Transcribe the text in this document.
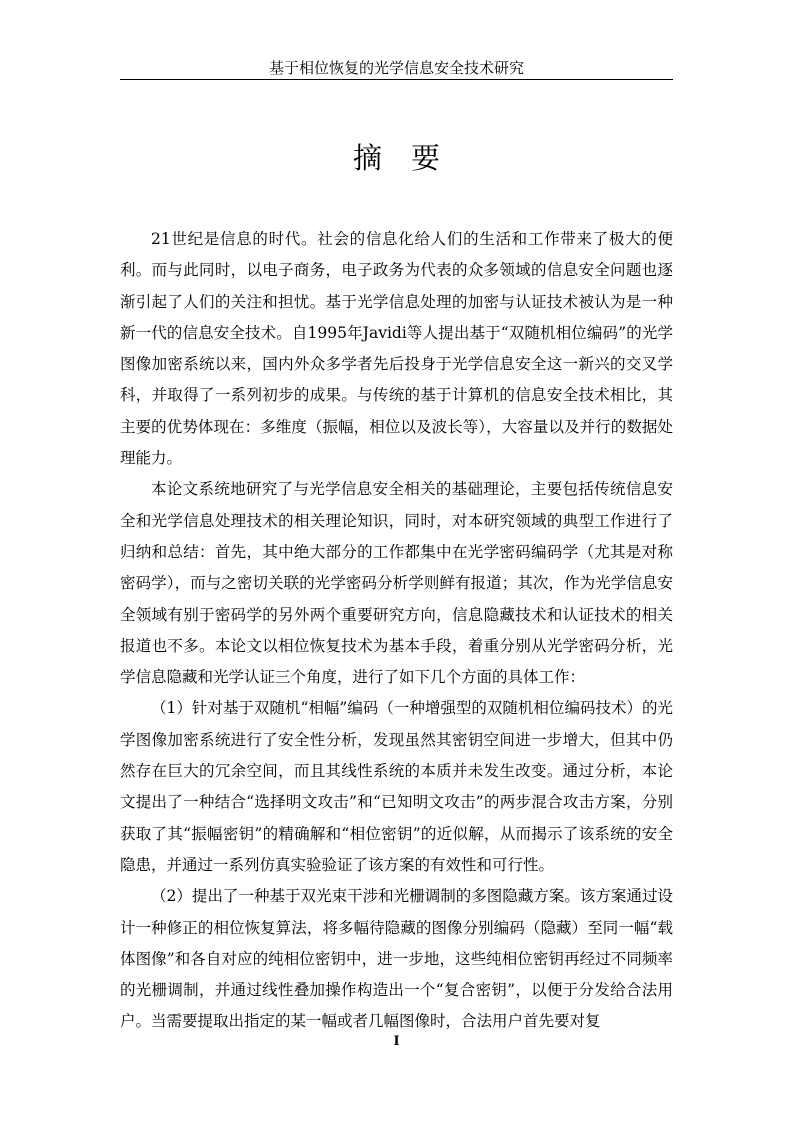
基于相位恢复的光学信息安全技术研究
摘要

21世纪是信息的时代。社会的信息化给人们的生活和工作带来了极大的便利。而与此同时，以电子商务，电子政务为代表的众多领域的信息安全问题也逐渐引起了人们的关注和担忧。基于光学信息处理的加密与认证技术被认为是一种新一代的信息安全技术。自1995年Javidi等人提出基于“双随机相位编码”的光学图像加密系统以来，国内外众多学者先后投身于光学信息安全这一新兴的交叉学科，并取得了一系列初步的成果。与传统的基于计算机的信息安全技术相比，其主要的优势体现在：多维度（振幅，相位以及波长等），大容量以及并行的数据处理能力。

本论文系统地研究了与光学信息安全相关的基础理论，主要包括传统信息安全和光学信息处理技术的相关理论知识，同时，对本研究领域的典型工作进行了归纳和总结：首先，其中绝大部分的工作都集中在光学密码编码学（尤其是对称密码学），而与之密切关联的光学密码分析学则鲜有报道；其次，作为光学信息安全领域有别于密码学的另外两个重要研究方向，信息隐藏技术和认证技术的相关报道也不多。本论文以相位恢复技术为基本手段，着重分别从光学密码分析，光学信息隐藏和光学认证三个角度，进行了如下几个方面的具体工作：

（1）针对基于双随机“相幅”编码（一种增强型的双随机相位编码技术）的光学图像加密系统进行了安全性分析，发现虽然其密钥空间进一步增大，但其中仍然存在巨大的冗余空间，而且其线性系统的本质并未发生改变。通过分析，本论文提出了一种结合“选择明文攻击”和“已知明文攻击”的两步混合攻击方案，分别获取了其“振幅密钥”的精确解和“相位密钥”的近似解，从而揭示了该系统的安全隐患，并通过一系列仿真实验验证了该方案的有效性和可行性。

（2）提出了一种基于双光束干涉和光栅调制的多图隐藏方案。该方案通过设计一种修正的相位恢复算法，将多幅待隐藏的图像分别编码（隐藏）至同一幅“载体图像”和各自对应的纯相位密钥中，进一步地，这些纯相位密钥再经过不同频率的光栅调制，并通过线性叠加操作构造出一个“复合密钥”，以便于分发给合法用户。当需要提取出指定的某一幅或者几幅图像时，合法用户首先要对复

I
